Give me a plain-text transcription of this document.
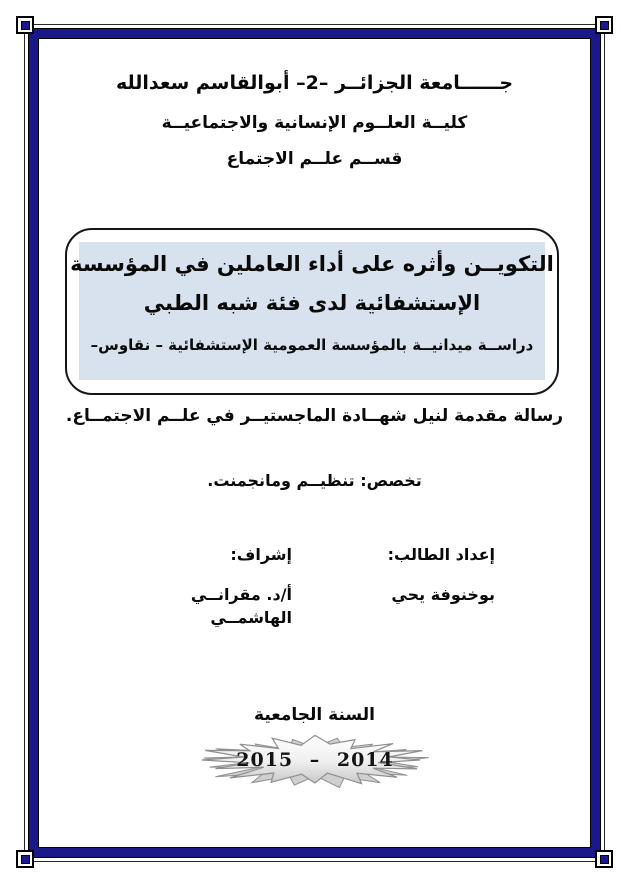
جــــــامعة الجزائــر –2– أبوالقاسم سعدالله
كليــة العلــوم الإنسانية والاجتماعيــة
قســم علــم الاجتماع
التكويــن وأثره على أداء العاملين في المؤسسة
الإستشفائية لدى فئة شبه الطبي
دراســة ميدانيــة بالمؤسسة العمومية الإستشفائية – نقاوس–
رسالة مقدمة لنيل شهــادة الماجستيــر في علــم الاجتمــاع.
تخصص: تنظيــم ومانجمنت.
إعداد الطالب:
بوخنوفة يحي
إشراف:
أ/د. مقرانــي الهاشمــي
السنة الجامعية
2015 – 2014
